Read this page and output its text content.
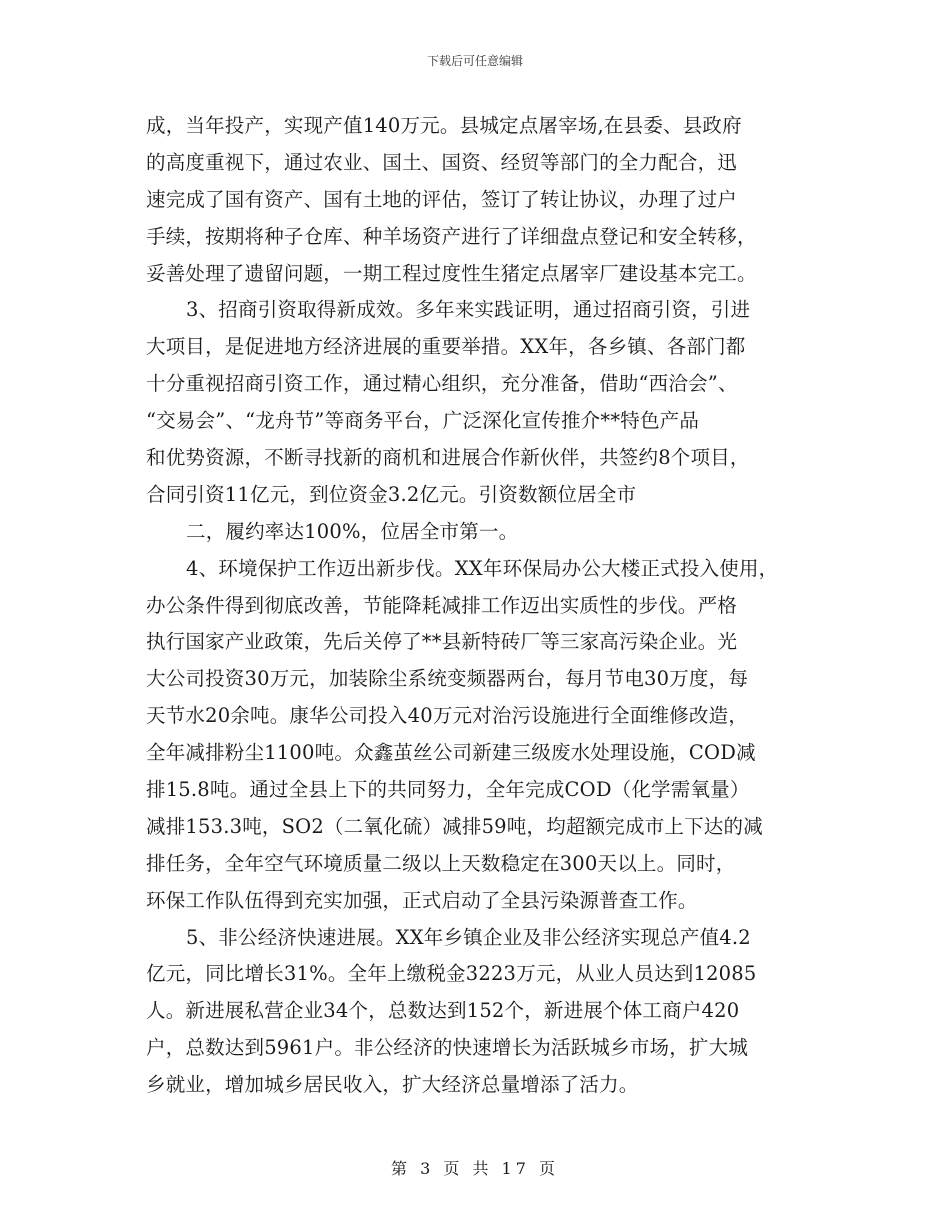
下载后可任意编辑
成，当年投产，实现产值140万元。县城定点屠宰场,在县委、县政府
的高度重视下，通过农业、国土、国资、经贸等部门的全力配合，迅
速完成了国有资产、国有土地的评估，签订了转让协议，办理了过户
手续，按期将种子仓库、种羊场资产进行了详细盘点登记和安全转移，
妥善处理了遗留问题，一期工程过度性生猪定点屠宰厂建设基本完工。
3、招商引资取得新成效。多年来实践证明，通过招商引资，引进
大项目，是促进地方经济进展的重要举措。XX年，各乡镇、各部门都
十分重视招商引资工作，通过精心组织，充分准备，借助“西洽会”、
“交易会”、“龙舟节”等商务平台，广泛深化宣传推介**特色产品
和优势资源，不断寻找新的商机和进展合作新伙伴，共签约8个项目，
合同引资11亿元，到位资金3.2亿元。引资数额位居全市
二，履约率达100%，位居全市第一。
4、环境保护工作迈出新步伐。XX年环保局办公大楼正式投入使用，
办公条件得到彻底改善，节能降耗减排工作迈出实质性的步伐。严格
执行国家产业政策，先后关停了**县新特砖厂等三家高污染企业。光
大公司投资30万元，加装除尘系统变频器两台，每月节电30万度，每
天节水20余吨。康华公司投入40万元对治污设施进行全面维修改造，
全年减排粉尘1100吨。众鑫茧丝公司新建三级废水处理设施，COD减
排15.8吨。通过全县上下的共同努力，全年完成COD（化学需氧量）
减排153.3吨，SO2（二氧化硫）减排59吨，均超额完成市上下达的减
排任务，全年空气环境质量二级以上天数稳定在300天以上。同时，
环保工作队伍得到充实加强，正式启动了全县污染源普查工作。
5、非公经济快速进展。XX年乡镇企业及非公经济实现总产值4.2
亿元，同比增长31%。全年上缴税金3223万元，从业人员达到12085
人。新进展私营企业34个，总数达到152个，新进展个体工商户420
户，总数达到5961户。非公经济的快速增长为活跃城乡市场，扩大城
乡就业，增加城乡居民收入，扩大经济总量增添了活力。
第 3 页 共 17 页
